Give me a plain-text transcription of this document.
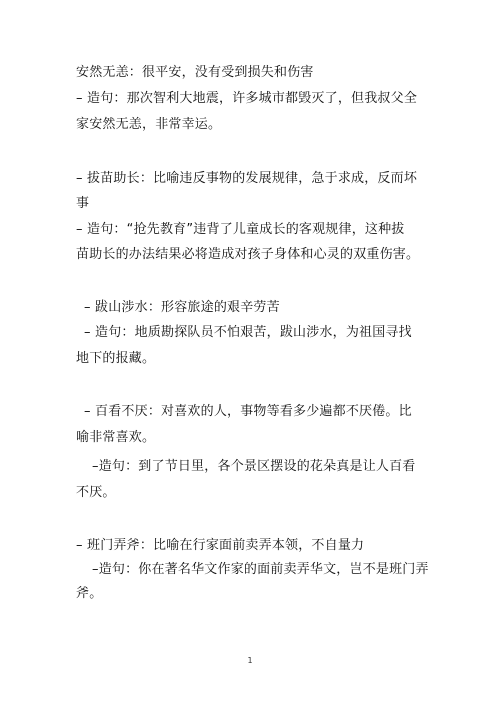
安然无恙：很平安，没有受到损失和伤害
– 造句：那次智利大地震，许多城市都毁灭了，但我叔父全
家安然无恙，非常幸运。
– 拔苗助长：比喻违反事物的发展规律，急于求成，反而坏
事
– 造句：“抢先教育”违背了儿童成长的客观规律，这种拔
苗助长的办法结果必将造成对孩子身体和心灵的双重伤害。
– 跋山涉水：形容旅途的艰辛劳苦
– 造句：地质勘探队员不怕艰苦，跋山涉水，为祖国寻找
地下的报藏。
– 百看不厌：对喜欢的人，事物等看多少遍都不厌倦。比
喻非常喜欢。
–造句：到了节日里，各个景区摆设的花朵真是让人百看
不厌。
– 班门弄斧：比喻在行家面前卖弄本领，不自量力
–造句：你在著名华文作家的面前卖弄华文，岂不是班门弄
斧。
1
